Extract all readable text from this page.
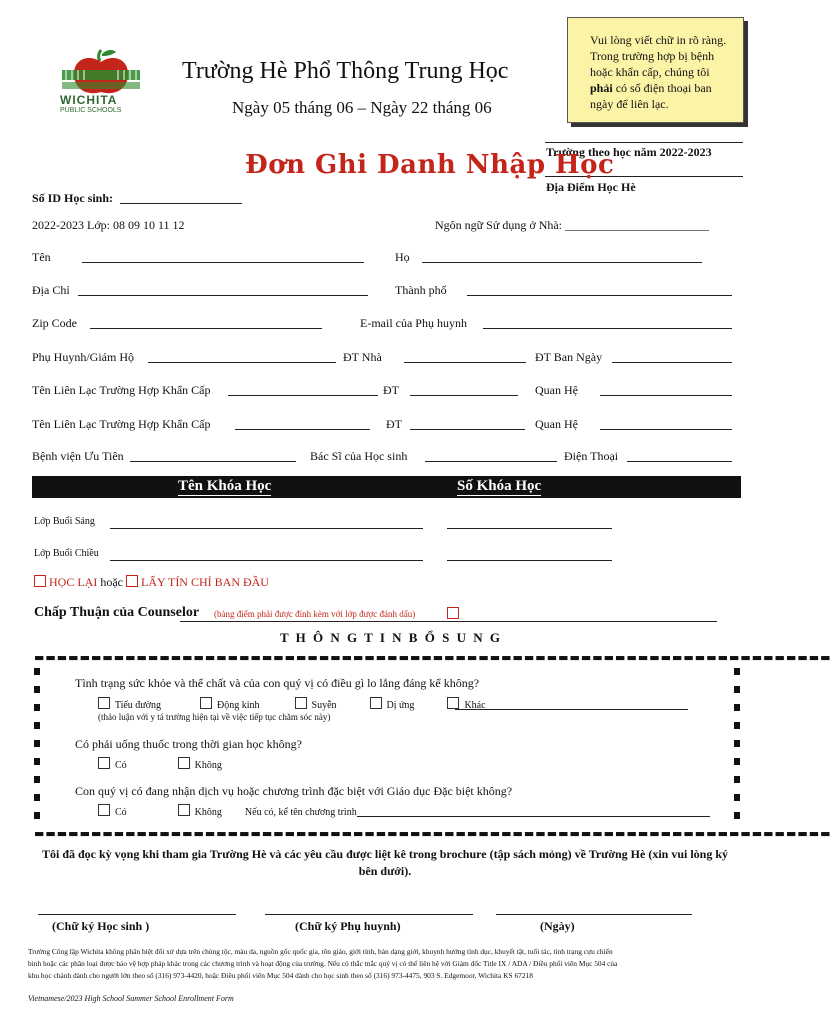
WICHITA
PUBLIC SCHOOLS
Trường Hè Phổ Thông Trung Học
Ngày 05 tháng 06 – Ngày 22 tháng 06
Vui lòng viết chữ in rõ ràng. Trong trường hợp bị bệnh hoặc khẩn cấp, chúng tôi phải có số điện thoại ban ngày để liên lạc.
Trường theo học năm 2022-2023
Địa Điểm Học Hè
Đơn Ghi Danh Nhập Học
Số ID Học sinh:
2022-2023 Lớp: 08 09 10 11 12	Ngôn ngữ Sử dụng ở Nhà: ________________________
Tên	Họ
Địa Chỉ	Thành phố
Zip Code	E-mail của Phụ huynh
Phụ Huynh/Giám Hộ	ĐT Nhà	ĐT Ban Ngày
Tên Liên Lạc Trường Hợp Khẩn Cấp	ĐT	Quan Hệ
Tên Liên Lạc Trường Hợp Khẩn Cấp	ĐT	Quan Hệ
Bệnh viện Ưu Tiên	Bác Sĩ của Học sinh	Điện Thoại
Tên Khóa Học	Số Khóa Học
Lớp Buổi Sáng
Lớp Buổi Chiều
HỌC LẠI hoặc LẤY TÍN CHỈ BAN ĐẦU
Chấp Thuận của Counselor (bảng điểm phải được đính kèm với lớp được đánh dấu)
T H Ô N G T I N B Ổ S U N G
▬▬▬▬▬▬▬▬▬▬▬▬▬▬▬▬▬▬▬▬▬▬▬▬▬▬▬▬▬▬▬▬▬▬▬▬▬▬▬▬▬▬▬▬▬▬▬▬▬▬▬▬▬▬▬▬▬▬▬▬▬▬▬▬▬▬▬▬▬▬
▬▬▬▬▬▬▬▬▬▬▬▬▬▬▬▬▬▬▬▬▬▬▬▬▬▬▬▬▬▬▬▬▬▬▬▬▬▬▬▬▬▬▬▬▬▬▬▬▬▬▬▬▬▬▬▬▬▬▬▬▬▬▬▬▬▬▬▬▬▬
Tình trạng sức khỏe và thể chất và của con quý vị có điều gì lo lắng đáng kể không?
Tiểu đường	Động kinh	Suyễn	Dị ứng	Khác
(thảo luận với y tá trường hiện tại về việc tiếp tục chăm sóc này)
Có phải uống thuốc trong thời gian học không?
Có	Không
Con quý vị có đang nhận dịch vụ hoặc chương trình đặc biệt với Giáo dục Đặc biệt không?
Có	Không Nếu có, kể tên chương trình
Tôi đã đọc kỳ vọng khi tham gia Trường Hè và các yêu cầu được liệt kê trong brochure (tập sách mỏng) về Trường Hè (xin vui lòng ký bên dưới).
(Chữ ký Học sinh )	(Chữ ký Phụ huynh)	(Ngày)
Trường Công lập Wichita không phân biệt đối xử dựa trên chủng tộc, màu da, nguồn gốc quốc gia, tôn giáo, giới tính, bản dạng giới, khuynh hướng tình dục, khuyết tật, tuổi tác, tình trạng cựu chiến
binh hoặc các phân loại được bảo vệ hợp pháp khác trong các chương trình và hoạt động của trường. Nếu có thắc mắc quý vị có thể liên hệ với Giám đốc Title IX / ADA / Điều phối viên Mục 504 của
khu học chánh dành cho người lớn theo số (316) 973-4420, hoặc Điều phối viên Mục 504 dành cho học sinh theo số (316) 973-4475, 903 S. Edgemoor, Wichita KS 67218
Vietnamese/2023 High School Summer School Enrollment Form
